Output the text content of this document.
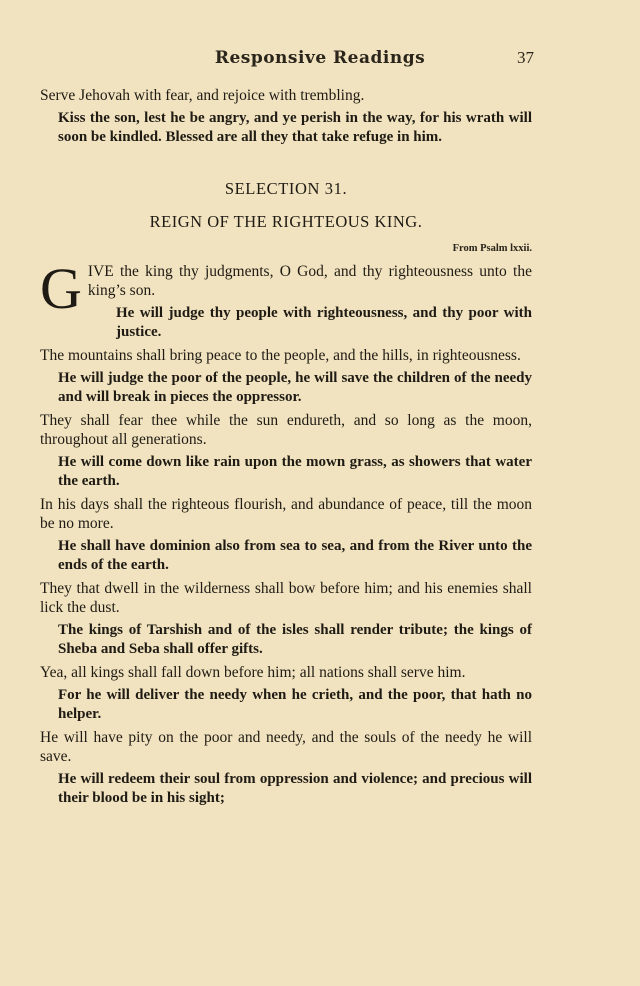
Responsive Readings	37

Serve Jehovah with fear, and rejoice with trembling.

Kiss the son, lest he be angry, and ye perish in the way, for his wrath will soon be kindled. Blessed are all they that take refuge in him.

SELECTION 31.
REIGN OF THE RIGHTEOUS KING.
From Psalm lxxii.

GIVE the king thy judgments, O God, and thy righteousness unto the king’s son.

He will judge thy people with righteousness, and thy poor with justice.

The mountains shall bring peace to the people, and the hills, in righteousness.

He will judge the poor of the people, he will save the children of the needy and will break in pieces the oppressor.

They shall fear thee while the sun endureth, and so long as the moon, throughout all generations.

He will come down like rain upon the mown grass, as showers that water the earth.

In his days shall the righteous flourish, and abundance of peace, till the moon be no more.

He shall have dominion also from sea to sea, and from the River unto the ends of the earth.

They that dwell in the wilderness shall bow before him; and his enemies shall lick the dust.

The kings of Tarshish and of the isles shall render tribute; the kings of Sheba and Seba shall offer gifts.

Yea, all kings shall fall down before him; all nations shall serve him.

For he will deliver the needy when he crieth, and the poor, that hath no helper.

He will have pity on the poor and needy, and the souls of the needy he will save.

He will redeem their soul from oppression and violence; and precious will their blood be in his sight;
